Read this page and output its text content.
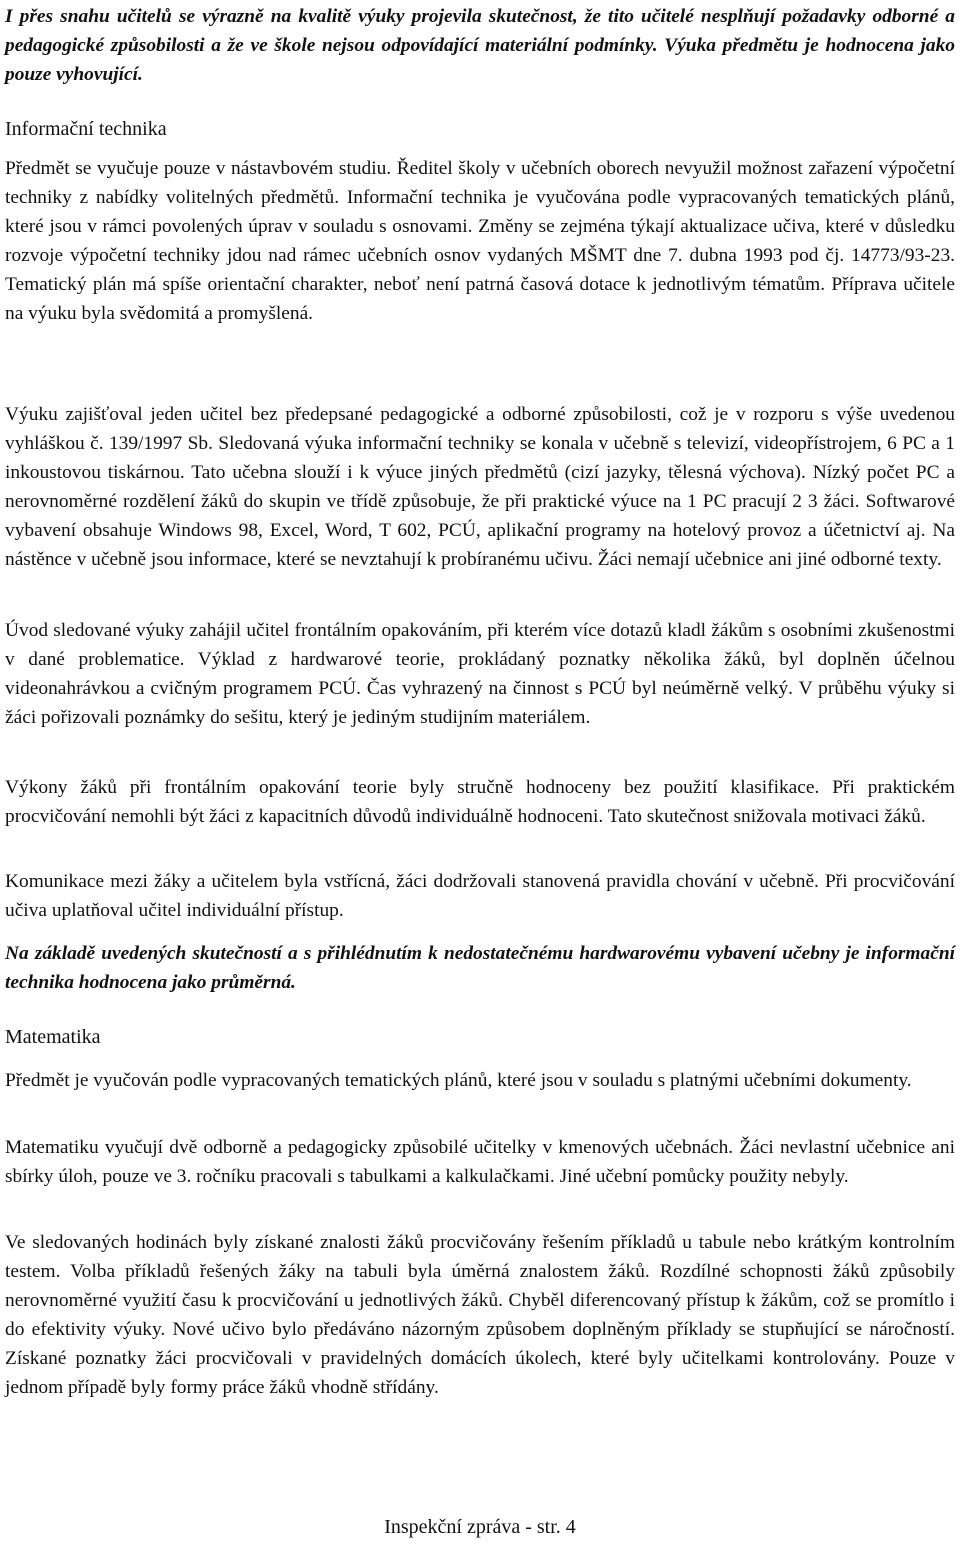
I přes snahu učitelů se výrazně na kvalitě výuky projevila skutečnost, že tito učitelé nesplňují požadavky odborné a pedagogické způsobilosti a že ve škole nejsou odpovídající materiální podmínky. Výuka předmětu je hodnocena jako pouze vyhovující.

Informační technika

Předmět se vyučuje pouze v nástavbovém studiu. Ředitel školy v učebních oborech nevyužil možnost zařazení výpočetní techniky z nabídky volitelných předmětů. Informační technika je vyučována podle vypracovaných tematických plánů, které jsou v rámci povolených úprav v souladu s osnovami. Změny se zejména týkají aktualizace učiva, které v důsledku rozvoje výpočetní techniky jdou nad rámec učebních osnov vydaných MŠMT dne 7. dubna 1993 pod čj. 14773/93-23. Tematický plán má spíše orientační charakter, neboť není patrná časová dotace k jednotlivým tématům. Příprava učitele na výuku byla svědomitá a promyšlená.

Výuku zajišťoval jeden učitel bez předepsané pedagogické a odborné způsobilosti, což je v rozporu s výše uvedenou vyhláškou č. 139/1997 Sb. Sledovaná výuka informační techniky se konala v učebně s televizí, videopřístrojem, 6 PC a 1 inkoustovou tiskárnou. Tato učebna slouží i k výuce jiných předmětů (cizí jazyky, tělesná výchova). Nízký počet PC a nerovnoměrné rozdělení žáků do skupin ve třídě způsobuje, že při praktické výuce na 1 PC pracují 2 3 žáci. Softwarové vybavení obsahuje Windows 98, Excel, Word, T 602, PCÚ, aplikační programy na hotelový provoz a účetnictví aj. Na nástěnce v učebně jsou informace, které se nevztahují k probíranému učivu. Žáci nemají učebnice ani jiné odborné texty.

Úvod sledované výuky zahájil učitel frontálním opakováním, při kterém více dotazů kladl žákům s osobními zkušenostmi v dané problematice. Výklad z hardwarové teorie, prokládaný poznatky několika žáků, byl doplněn účelnou videonahrávkou a cvičným programem PCÚ. Čas vyhrazený na činnost s PCÚ byl neúměrně velký. V průběhu výuky si žáci pořizovali poznámky do sešitu, který je jediným studijním materiálem.

Výkony žáků při frontálním opakování teorie byly stručně hodnoceny bez použití klasifikace. Při praktickém procvičování nemohli být žáci z kapacitních důvodů individuálně hodnoceni. Tato skutečnost snižovala motivaci žáků.

Komunikace mezi žáky a učitelem byla vstřícná, žáci dodržovali stanovená pravidla chování v učebně. Při procvičování učiva uplatňoval učitel individuální přístup.

Na základě uvedených skutečností a s přihlédnutím k nedostatečnému hardwarovému vybavení učebny je informační technika hodnocena jako průměrná.

Matematika

Předmět je vyučován podle vypracovaných tematických plánů, které jsou v souladu s platnými učebními dokumenty.

Matematiku vyučují dvě odborně a pedagogicky způsobilé učitelky v kmenových učebnách. Žáci nevlastní učebnice ani sbírky úloh, pouze ve 3. ročníku pracovali s tabulkami a kalkulačkami. Jiné učební pomůcky použity nebyly.

Ve sledovaných hodinách byly získané znalosti žáků procvičovány řešením příkladů u tabule nebo krátkým kontrolním testem. Volba příkladů řešených žáky na tabuli byla úměrná znalostem žáků. Rozdílné schopnosti žáků způsobily nerovnoměrné využití času k procvičování u jednotlivých žáků. Chyběl diferencovaný přístup k žákům, což se promítlo i do efektivity výuky. Nové učivo bylo předáváno názorným způsobem doplněným příklady se stupňující se náročností. Získané poznatky žáci procvičovali v pravidelných domácích úkolech, které byly učitelkami kontrolovány. Pouze v jednom případě byly formy práce žáků vhodně střídány.

Inspekční zpráva - str. 4
